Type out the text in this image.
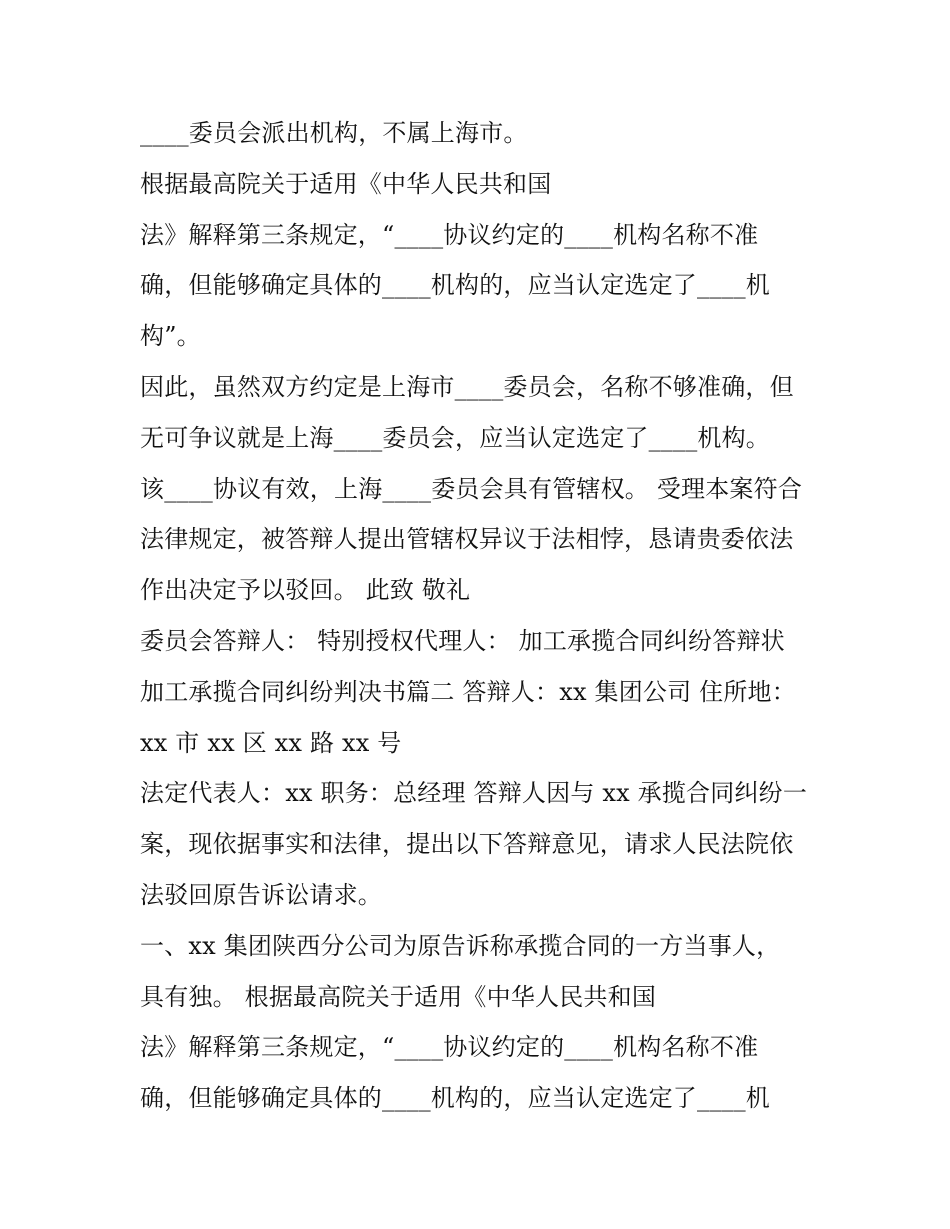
____委员会派出机构，不属上海市。
根据最高院关于适用《中华人民共和国
法》解释第三条规定，“____协议约定的____机构名称不准
确，但能够确定具体的____机构的，应当认定选定了____机
构”。
因此，虽然双方约定是上海市____委员会，名称不够准确，但
无可争议就是上海____委员会，应当认定选定了____机构。
该____协议有效，上海____委员会具有管辖权。 受理本案符合
法律规定，被答辩人提出管辖权异议于法相悖，恳请贵委依法
作出决定予以驳回。 此致 敬礼
委员会答辩人： 特别授权代理人： 加工承揽合同纠纷答辩状
加工承揽合同纠纷判决书篇二 答辩人：xx 集团公司 住所地：
xx 市 xx 区 xx 路 xx 号
法定代表人：xx 职务：总经理 答辩人因与 xx 承揽合同纠纷一
案，现依据事实和法律，提出以下答辩意见，请求人民法院依
法驳回原告诉讼请求。
一、xx 集团陕西分公司为原告诉称承揽合同的一方当事人，
具有独。 根据最高院关于适用《中华人民共和国
法》解释第三条规定，“____协议约定的____机构名称不准
确，但能够确定具体的____机构的，应当认定选定了____机
